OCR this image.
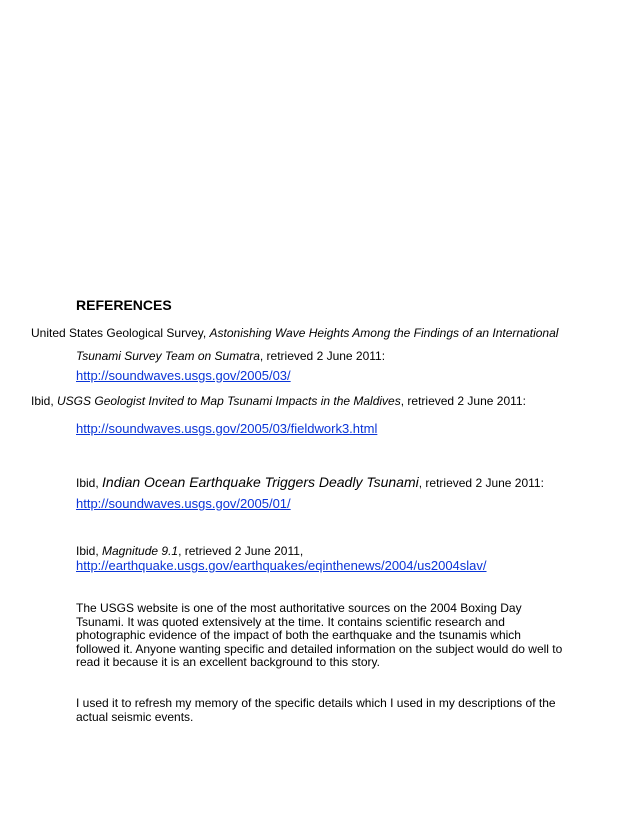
REFERENCES
United States Geological Survey, Astonishing Wave Heights Among the Findings of an International
Tsunami Survey Team on Sumatra, retrieved 2 June 2011:
http://soundwaves.usgs.gov/2005/03/
Ibid, USGS Geologist Invited to Map Tsunami Impacts in the Maldives, retrieved 2 June 2011:
http://soundwaves.usgs.gov/2005/03/fieldwork3.html
Ibid, Indian Ocean Earthquake Triggers Deadly Tsunami, retrieved 2 June 2011:
http://soundwaves.usgs.gov/2005/01/
Ibid, Magnitude 9.1, retrieved 2 June 2011,
http://earthquake.usgs.gov/earthquakes/eqinthenews/2004/us2004slav/
The USGS website is one of the most authoritative sources on the 2004 Boxing Day Tsunami. It was quoted extensively at the time. It contains scientific research and photographic evidence of the impact of both the earthquake and the tsunamis which followed it. Anyone wanting specific and detailed information on the subject would do well to read it because it is an excellent background to this story.
I used it to refresh my memory of the specific details which I used in my descriptions of the actual seismic events.
